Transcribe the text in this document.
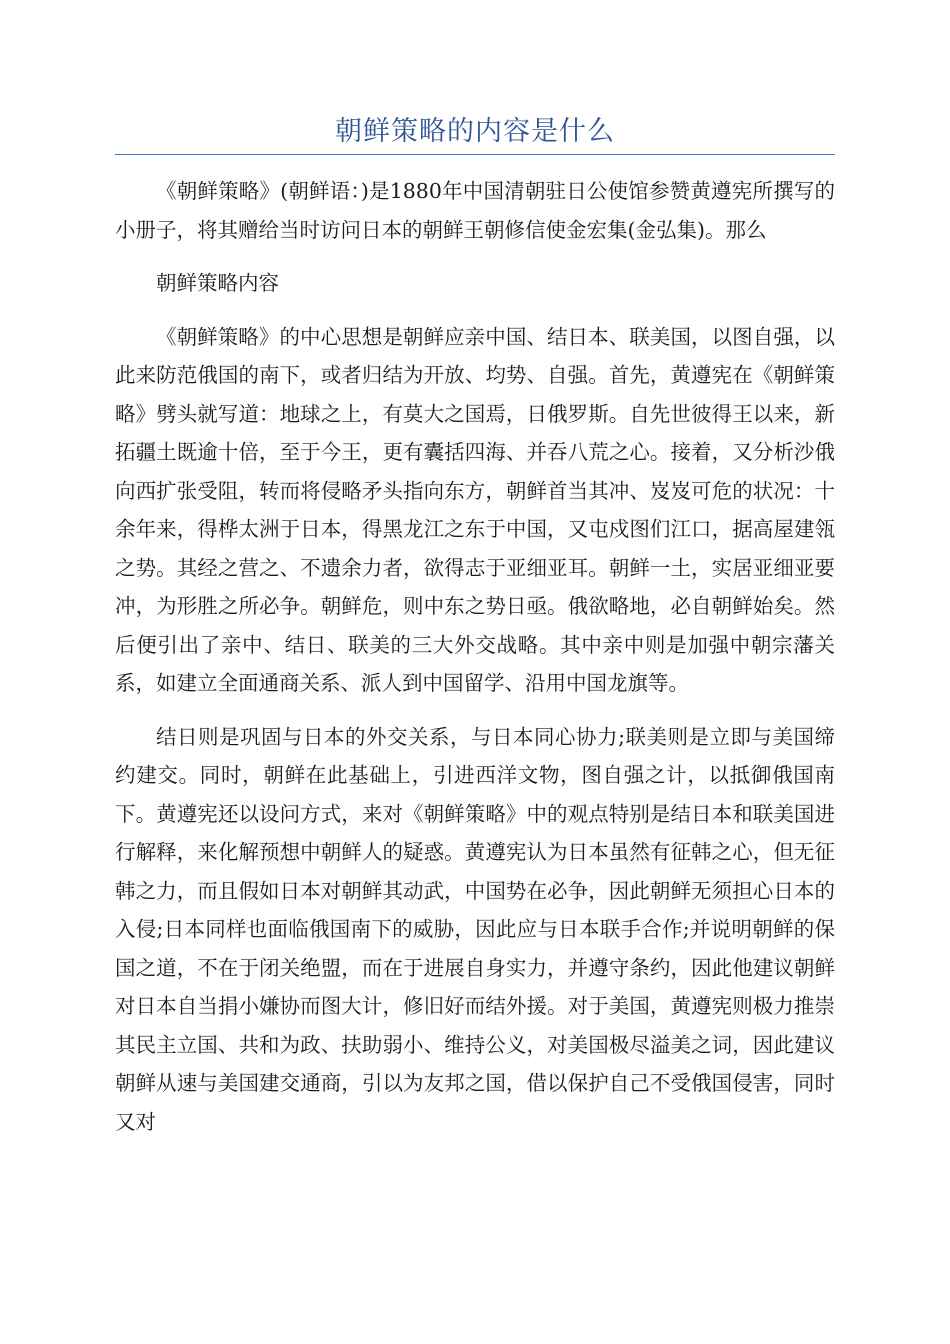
朝鲜策略的内容是什么

《朝鲜策略》(朝鲜语：)是1880年中国清朝驻日公使馆参赞黄遵宪所撰写的小册子，将其赠给当时访问日本的朝鲜王朝修信使金宏集(金弘集)。那么

朝鲜策略内容

《朝鲜策略》的中心思想是朝鲜应亲中国、结日本、联美国，以图自强，以此来防范俄国的南下，或者归结为开放、均势、自强。首先，黄遵宪在《朝鲜策略》劈头就写道：地球之上，有莫大之国焉，日俄罗斯。自先世彼得王以来，新拓疆土既逾十倍，至于今王，更有囊括四海、并吞八荒之心。接着，又分析沙俄向西扩张受阻，转而将侵略矛头指向东方，朝鲜首当其冲、岌岌可危的状况：十余年来，得桦太洲于日本，得黑龙江之东于中国，又屯戍图们江口，据高屋建瓴之势。其经之营之、不遗余力者，欲得志于亚细亚耳。朝鲜一土，实居亚细亚要冲，为形胜之所必争。朝鲜危，则中东之势日亟。俄欲略地，必自朝鲜始矣。然后便引出了亲中、结日、联美的三大外交战略。其中亲中则是加强中朝宗藩关系，如建立全面通商关系、派人到中国留学、沿用中国龙旗等。

结日则是巩固与日本的外交关系，与日本同心协力;联美则是立即与美国缔约建交。同时，朝鲜在此基础上，引进西洋文物，图自强之计，以抵御俄国南下。黄遵宪还以设问方式，来对《朝鲜策略》中的观点特别是结日本和联美国进行解释，来化解预想中朝鲜人的疑惑。黄遵宪认为日本虽然有征韩之心，但无征韩之力，而且假如日本对朝鲜其动武，中国势在必争，因此朝鲜无须担心日本的入侵;日本同样也面临俄国南下的威胁，因此应与日本联手合作;并说明朝鲜的保国之道，不在于闭关绝盟，而在于进展自身实力，并遵守条约，因此他建议朝鲜对日本自当捐小嫌协而图大计，修旧好而结外援。对于美国，黄遵宪则极力推崇其民主立国、共和为政、扶助弱小、维持公义，对美国极尽溢美之词，因此建议朝鲜从速与美国建交通商，引以为友邦之国，借以保护自己不受俄国侵害，同时又对
